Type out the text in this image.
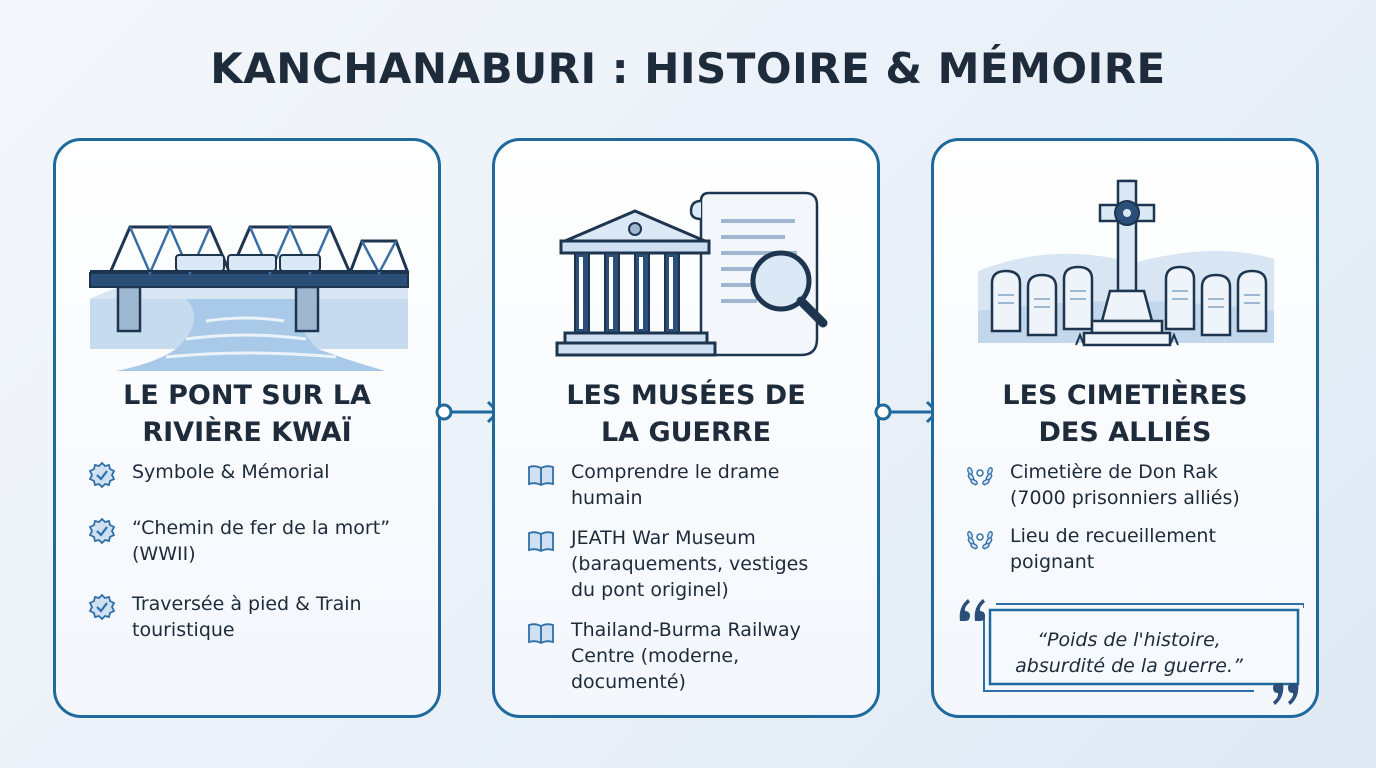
KANCHANABURI : HISTOIRE & MÉMOIRE
LE PONT SUR LA
RIVIÈRE KWAÏ
Symbole & Mémorial
“Chemin de fer de la mort”
(WWII)
Traversée à pied & Train
touristique
LES MUSÉES DE
LA GUERRE
Comprendre le drame
humain
JEATH War Museum
(baraquements, vestiges
du pont originel)
Thailand-Burma Railway
Centre (moderne,
documenté)
LES CIMETIÈRES
DES ALLIÉS
Cimetière de Don Rak
(7000 prisonniers alliés)
Lieu de recueillement
poignant

“Poids de l'histoire,
absurdité de la guerre.”
